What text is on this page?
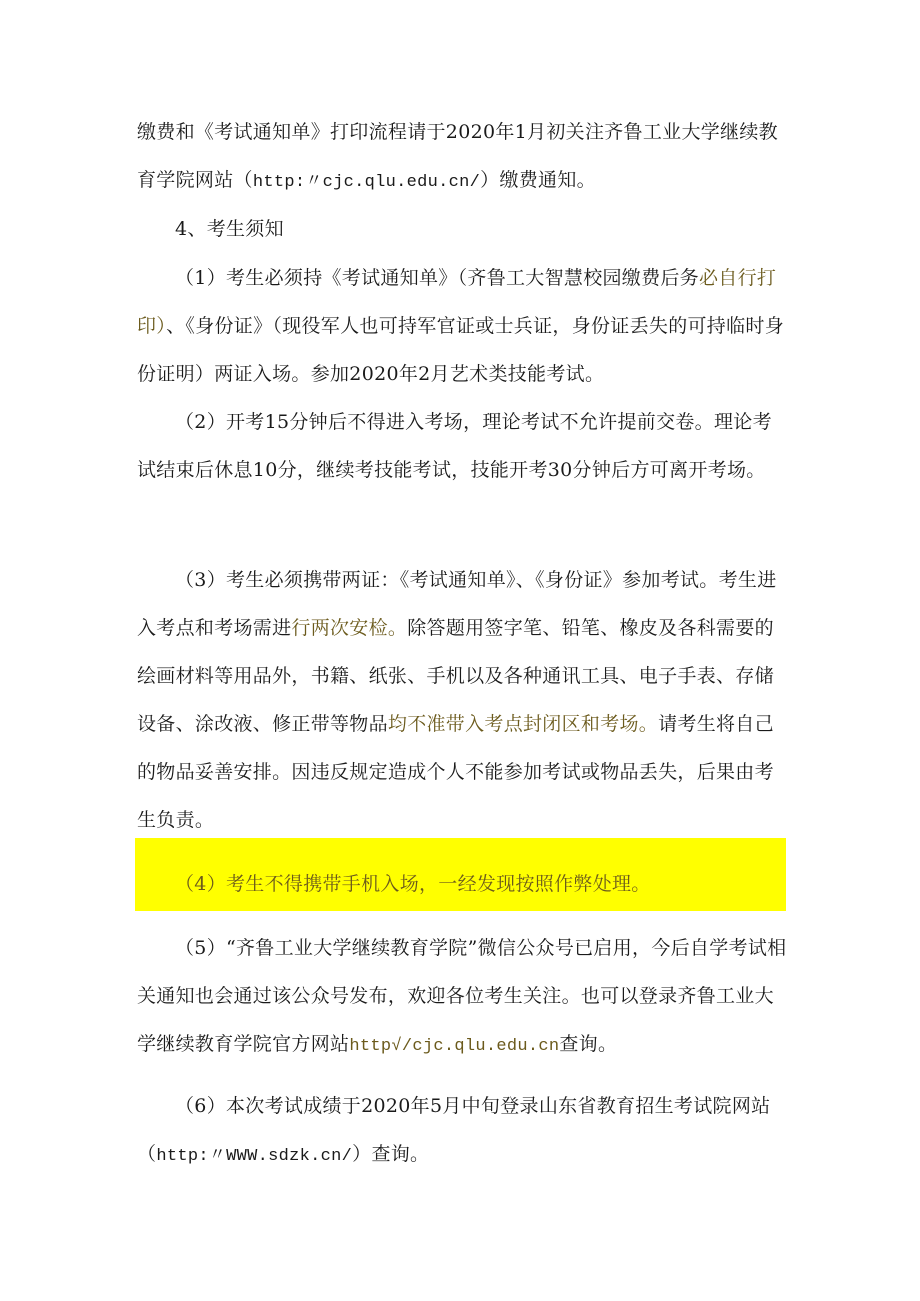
缴费和《考试通知单》打印流程请于2020年1月初关注齐鲁工业大学继续教育学院网站（http:〃cjc.qlu.edu.cn/）缴费通知。

4、考生须知

（1）考生必须持《考试通知单》（齐鲁工大智慧校园缴费后务必自行打印）、《身份证》（现役军人也可持军官证或士兵证，身份证丢失的可持临时身份证明）两证入场。参加2020年2月艺术类技能考试。

（2）开考15分钟后不得进入考场，理论考试不允许提前交卷。理论考试结束后休息10分，继续考技能考试，技能开考30分钟后方可离开考场。

（3）考生必须携带两证：《考试通知单》、《身份证》参加考试。考生进入考点和考场需进行两次安检。除答题用签字笔、铅笔、橡皮及各科需要的绘画材料等用品外，书籍、纸张、手机以及各种通讯工具、电子手表、存储设备、涂改液、修正带等物品均不准带入考点封闭区和考场。请考生将自己的物品妥善安排。因违反规定造成个人不能参加考试或物品丢失，后果由考生负责。

（4）考生不得携带手机入场，一经发现按照作弊处理。

（5）“齐鲁工业大学继续教育学院”微信公众号已启用，今后自学考试相关通知也会通过该公众号发布，欢迎各位考生关注。也可以登录齐鲁工业大学继续教育学院官方网站http√/cjc.qlu.edu.cn查询。

（6）本次考试成绩于2020年5月中旬登录山东省教育招生考试院网站（http:〃WWW.sdzk.cn/）查询。
